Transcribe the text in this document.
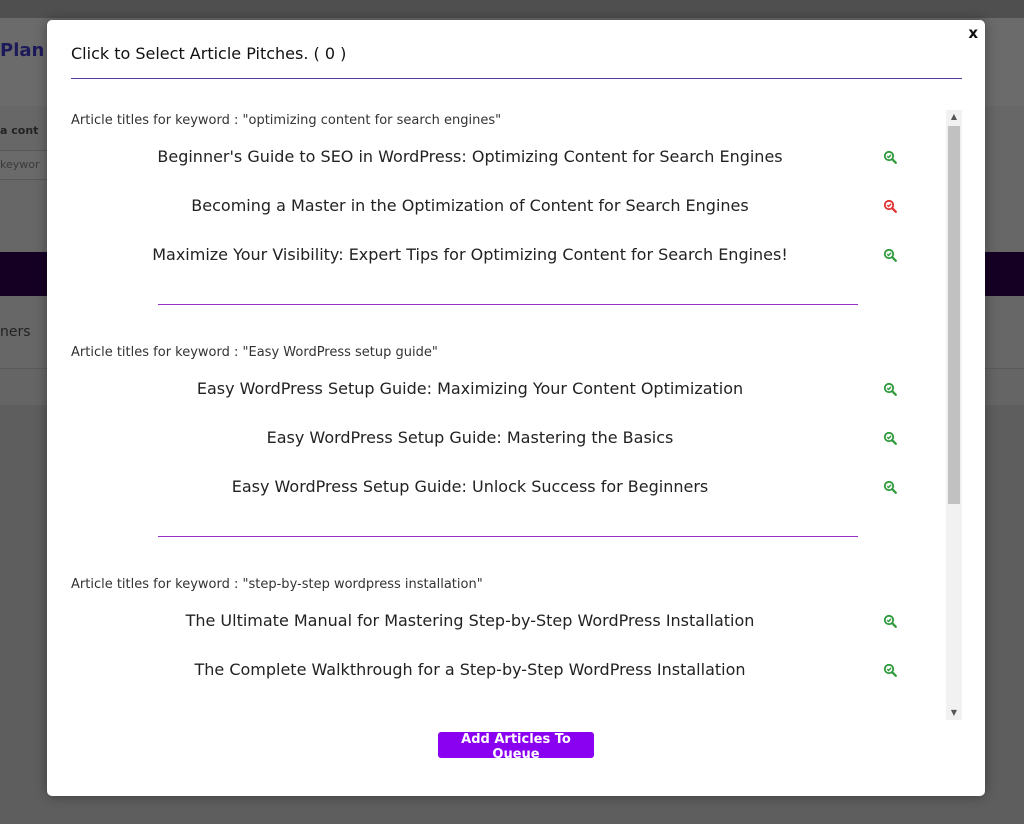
Plan
a cont
keywor
ners
x
Click to Select Article Pitches. ( 0 )
Article titles for keyword : "optimizing content for search engines"
Beginner's Guide to SEO in WordPress: Optimizing Content for Search Engines
Becoming a Master in the Optimization of Content for Search Engines
Maximize Your Visibility: Expert Tips for Optimizing Content for Search Engines!
Article titles for keyword : "Easy WordPress setup guide"
Easy WordPress Setup Guide: Maximizing Your Content Optimization
Easy WordPress Setup Guide: Mastering the Basics
Easy WordPress Setup Guide: Unlock Success for Beginners
Article titles for keyword : "step-by-step wordpress installation"
The Ultimate Manual for Mastering Step-by-Step WordPress Installation
The Complete Walkthrough for a Step-by-Step WordPress Installation
▲
▼
Add Articles To Queue
